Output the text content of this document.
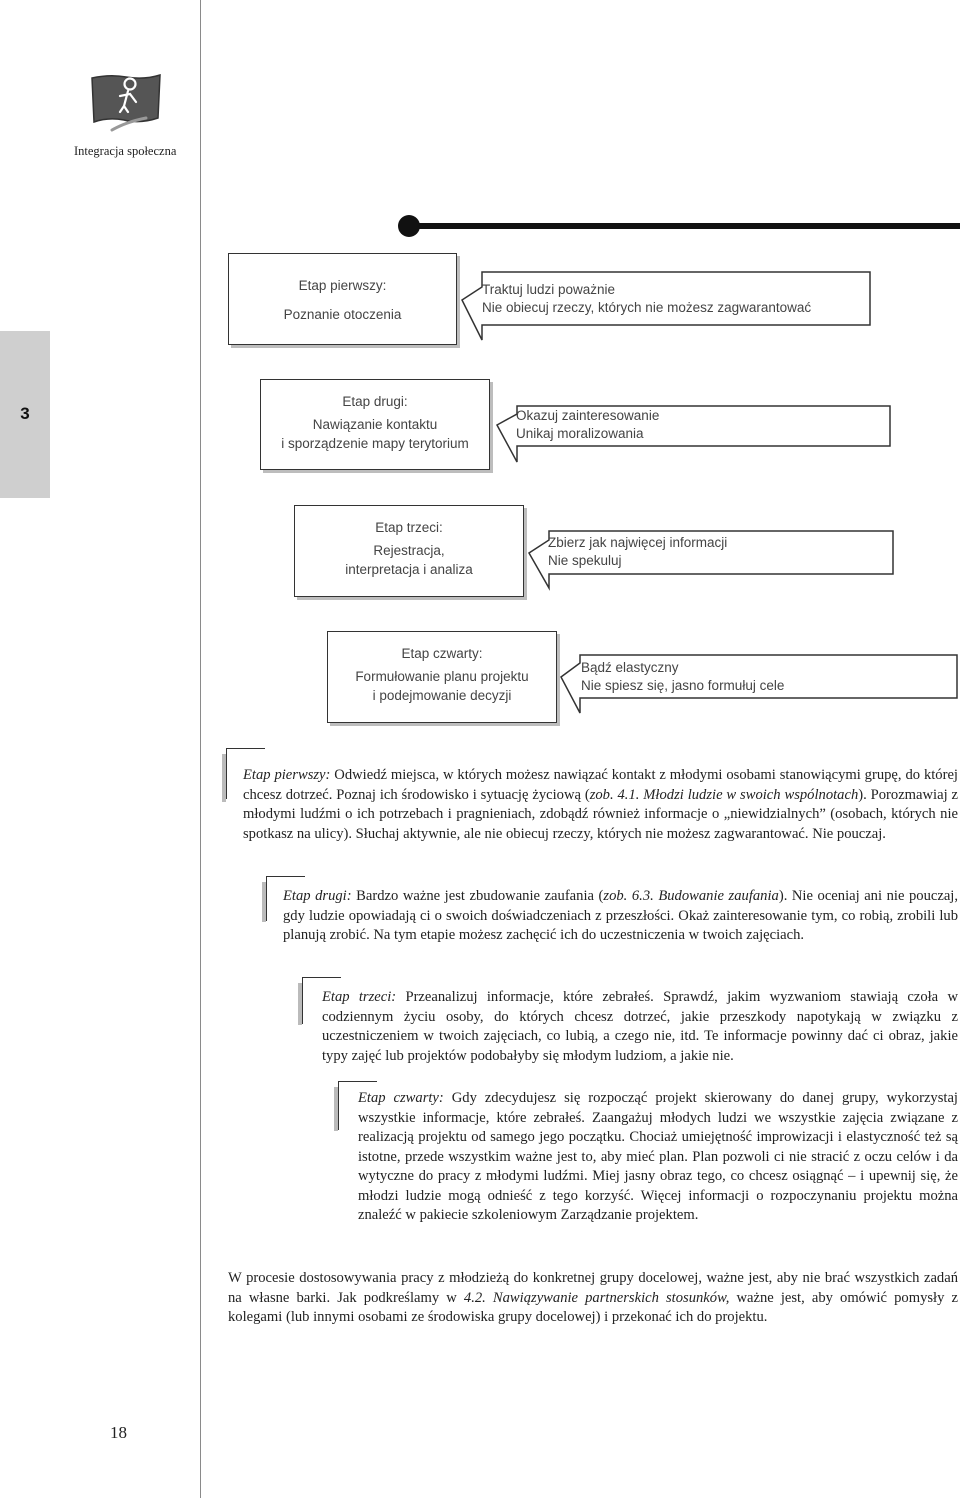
Integracja społeczna
3
Etap pierwszy:
Poznanie otoczenia
Traktuj ludzi poważnie
Nie obiecuj rzeczy, których nie możesz zagwarantować
Etap drugi:
Nawiązanie kontaktu
i sporządzenie mapy terytorium
Okazuj zainteresowanie
Unikaj moralizowania
Etap trzeci:
Rejestracja,
interpretacja i analiza
Zbierz jak najwięcej informacji
Nie spekuluj
Etap czwarty:
Formułowanie planu projektu
i podejmowanie decyzji
Bądź elastyczny
Nie spiesz się, jasno formułuj cele
Etap pierwszy: Odwiedź miejsca, w których możesz nawiązać kontakt z młodymi osobami stanowiącymi grupę, do której chcesz dotrzeć. Poznaj ich środowisko i sytuację życiową (zob. 4.1. Młodzi ludzie w swoich wspólnotach). Porozmawiaj z młodymi ludźmi o ich potrzebach i pragnieniach, zdobądź również informacje o „niewidzialnych” (osobach, których nie spotkasz na ulicy). Słuchaj aktywnie, ale nie obiecuj rzeczy, których nie możesz zagwarantować. Nie pouczaj.
Etap drugi: Bardzo ważne jest zbudowanie zaufania (zob. 6.3. Budowanie zaufania). Nie oceniaj ani nie pouczaj, gdy ludzie opowiadają ci o swoich doświadczeniach z przeszłości. Okaż zainteresowanie tym, co robią, zrobili lub planują zrobić. Na tym etapie możesz zachęcić ich do uczestniczenia w twoich zajęciach.
Etap trzeci: Przeanalizuj informacje, które zebrałeś. Sprawdź, jakim wyzwaniom stawiają czoła w codziennym życiu osoby, do których chcesz dotrzeć, jakie przeszkody napotykają w związku z uczestniczeniem w twoich zajęciach, co lubią, a czego nie, itd. Te informacje powinny dać ci obraz, jakie typy zajęć lub projektów podobałyby się młodym ludziom, a jakie nie.
Etap czwarty: Gdy zdecydujesz się rozpocząć projekt skierowany do danej grupy, wykorzystaj wszystkie informacje, które zebrałeś. Zaangażuj młodych ludzi we wszystkie zajęcia związane z realizacją projektu od samego jego początku. Chociaż umiejętność improwizacji i elastyczność też są istotne, przede wszystkim ważne jest to, aby mieć plan. Plan pozwoli ci nie stracić z oczu celów i da wytyczne do pracy z młodymi ludźmi. Miej jasny obraz tego, co chcesz osiągnąć – i upewnij się, że młodzi ludzie mogą odnieść z tego korzyść. Więcej informacji o rozpoczynaniu projektu można znaleźć w pakiecie szkoleniowym Zarządzanie projektem.
W procesie dostosowywania pracy z młodzieżą do konkretnej grupy docelowej, ważne jest, aby nie brać wszystkich zadań na własne barki. Jak podkreślamy w 4.2. Nawiązywanie partnerskich stosunków, ważne jest, aby omówić pomysły z kolegami (lub innymi osobami ze środowiska grupy docelowej) i przekonać ich do projektu.
18
